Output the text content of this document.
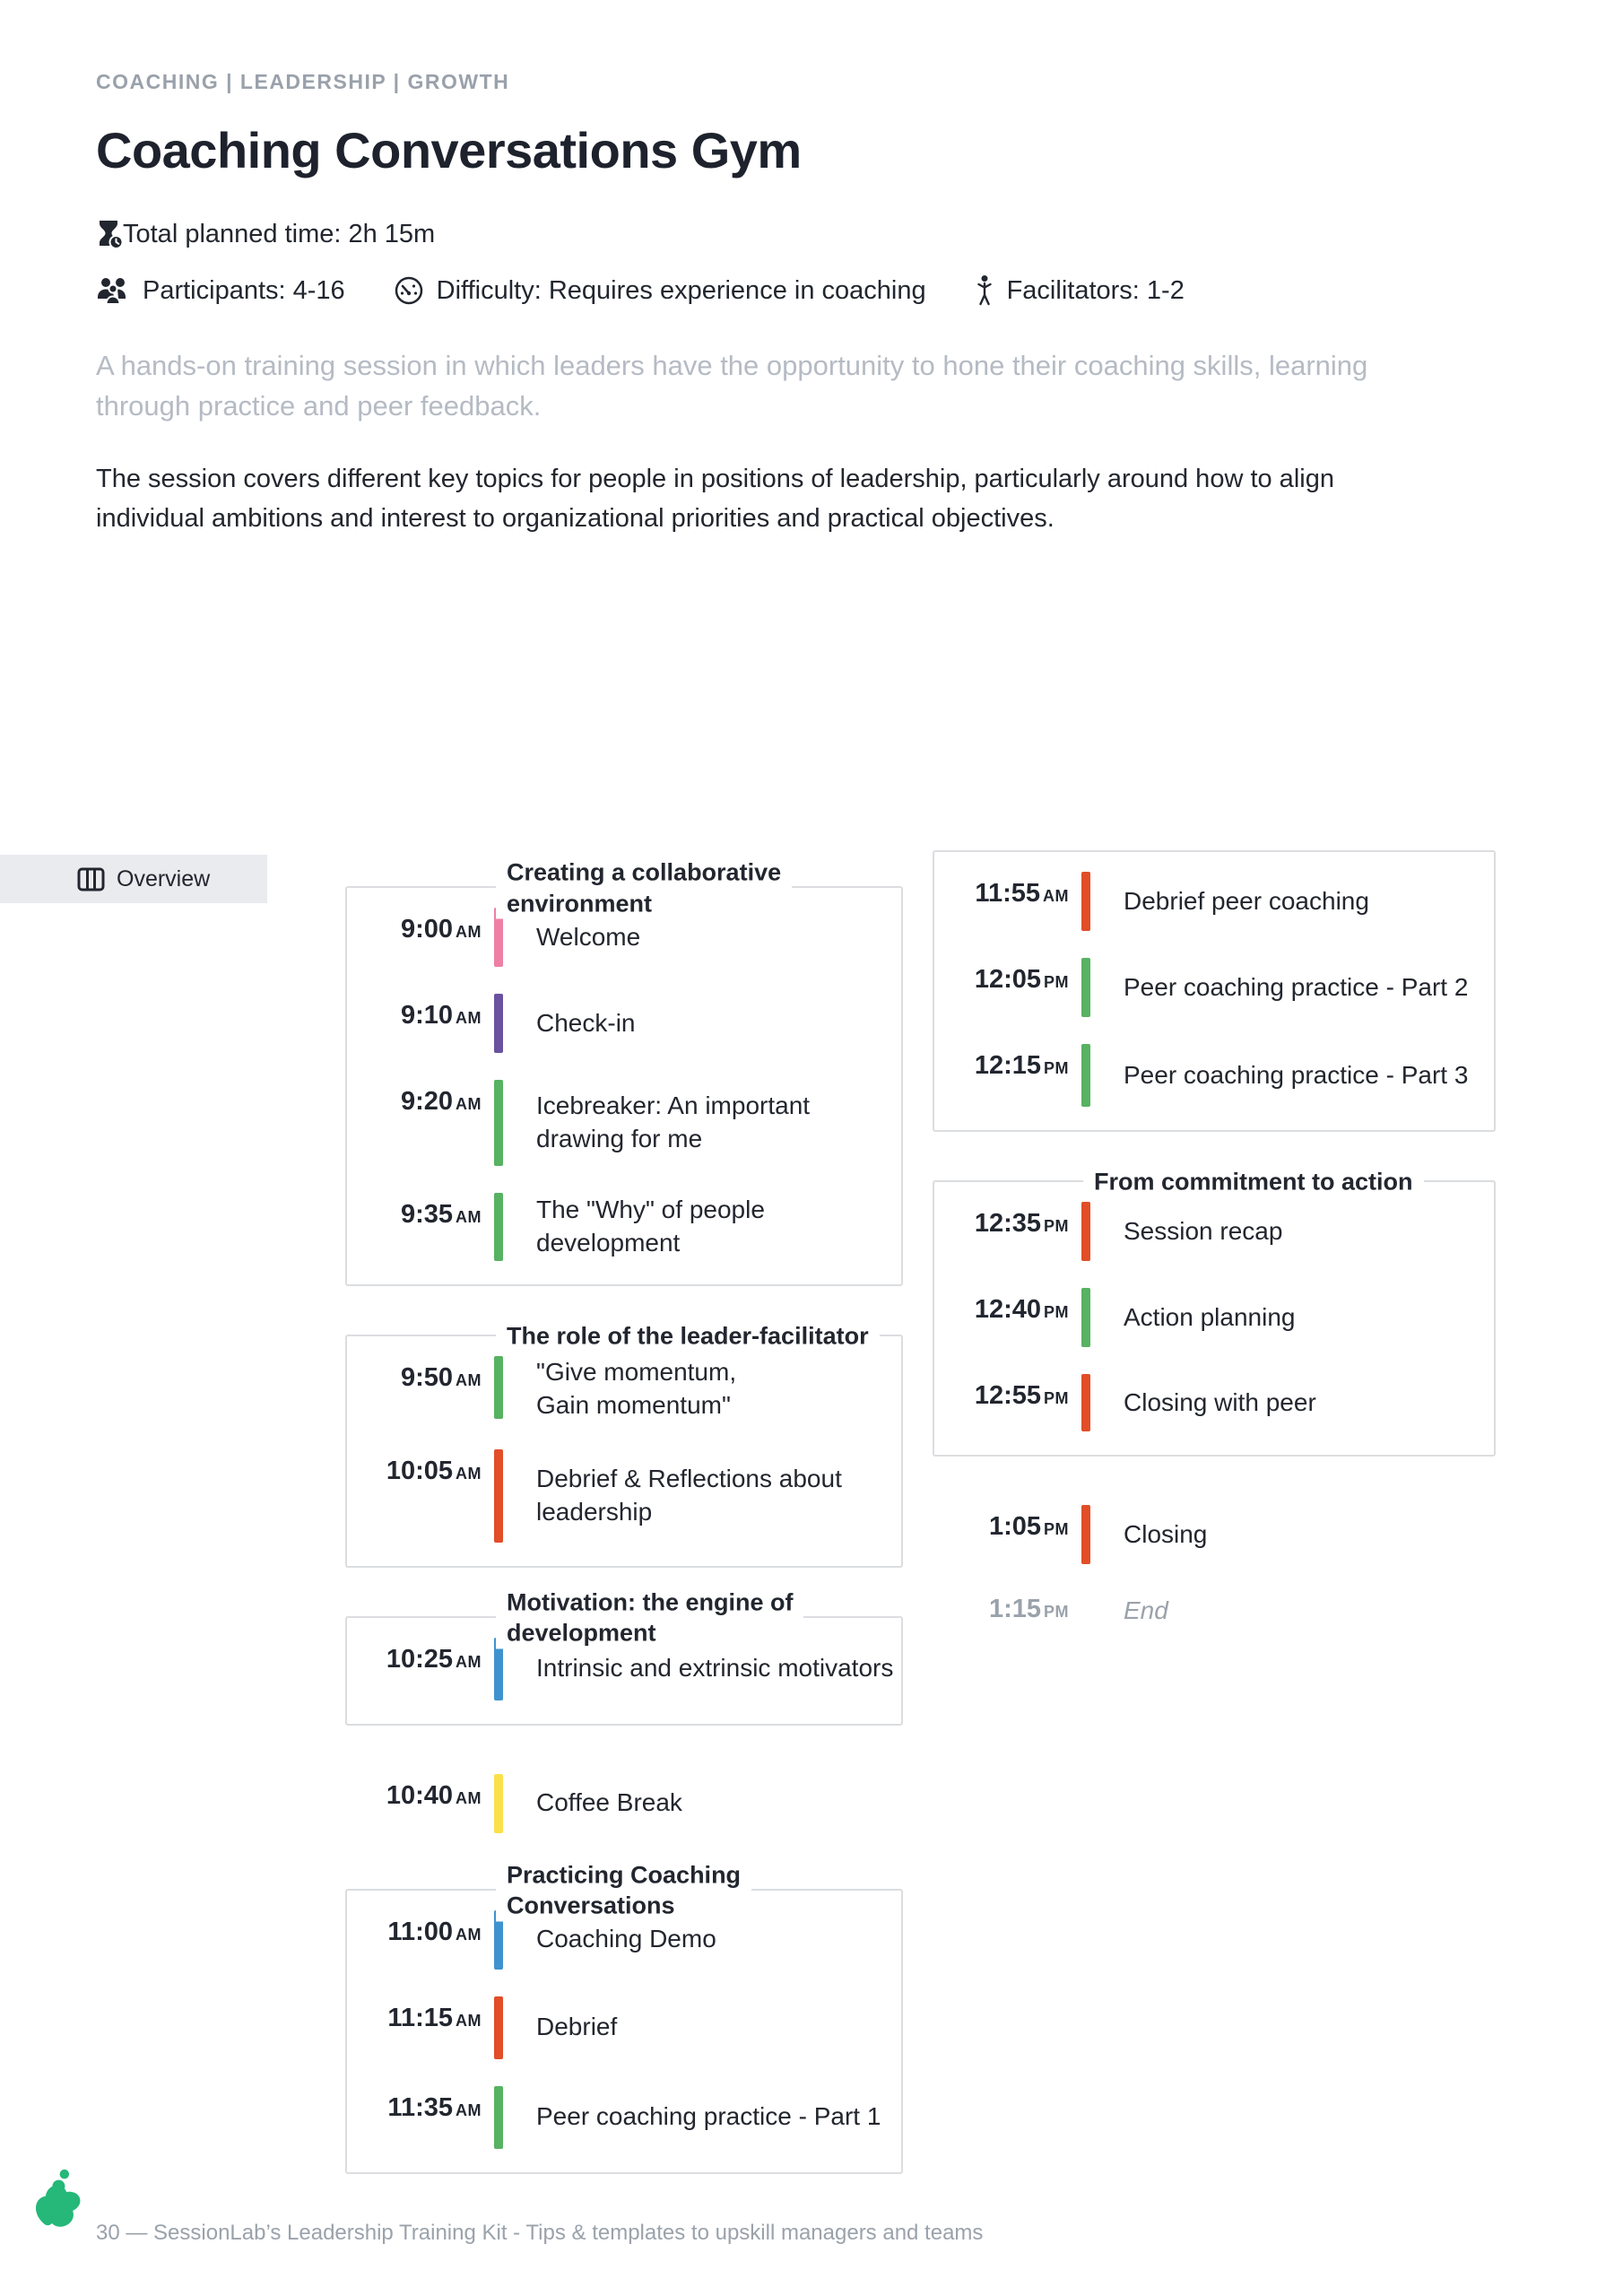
COACHING | LEADERSHIP | GROWTH
Coaching Conversations Gym
Total planned time: 2h 15m
Participants: 4-16	Difficulty: Requires experience in coaching	Facilitators: 1-2
A hands-on training session in which leaders have the opportunity to hone their coaching skills, learning through practice and peer feedback.
The session covers different key topics for people in positions of leadership, particularly around how to align individual ambitions and interest to organizational priorities and practical objectives.
Overview	Creating a collaborative
environment
9:00 AM Welcome
9:10 AM Check-in
9:20 AM Icebreaker: An important
drawing for me
9:35 AM The "Why" of people
development
The role of the leader-facilitator
9:50 AM "Give momentum,
Gain momentum"
10:05 AM Debrief & Reflections about
leadership
Motivation: the engine of
development
10:25 AM Intrinsic and extrinsic motivators
10:40 AM Coffee Break
Practicing Coaching
Conversations
11:00 AM Coaching Demo
11:15 AM Debrief
11:35 AM Peer coaching practice - Part 1
11:55 AM Debrief peer coaching
12:05 PM Peer coaching practice - Part 2
12:15 PM Peer coaching practice - Part 3
From commitment to action
12:35 PM Session recap
12:40 PM Action planning
12:55 PM Closing with peer
1:05 PM Closing
1:15 PM End
30 — SessionLab’s Leadership Training Kit - Tips & templates to upskill managers and teams
